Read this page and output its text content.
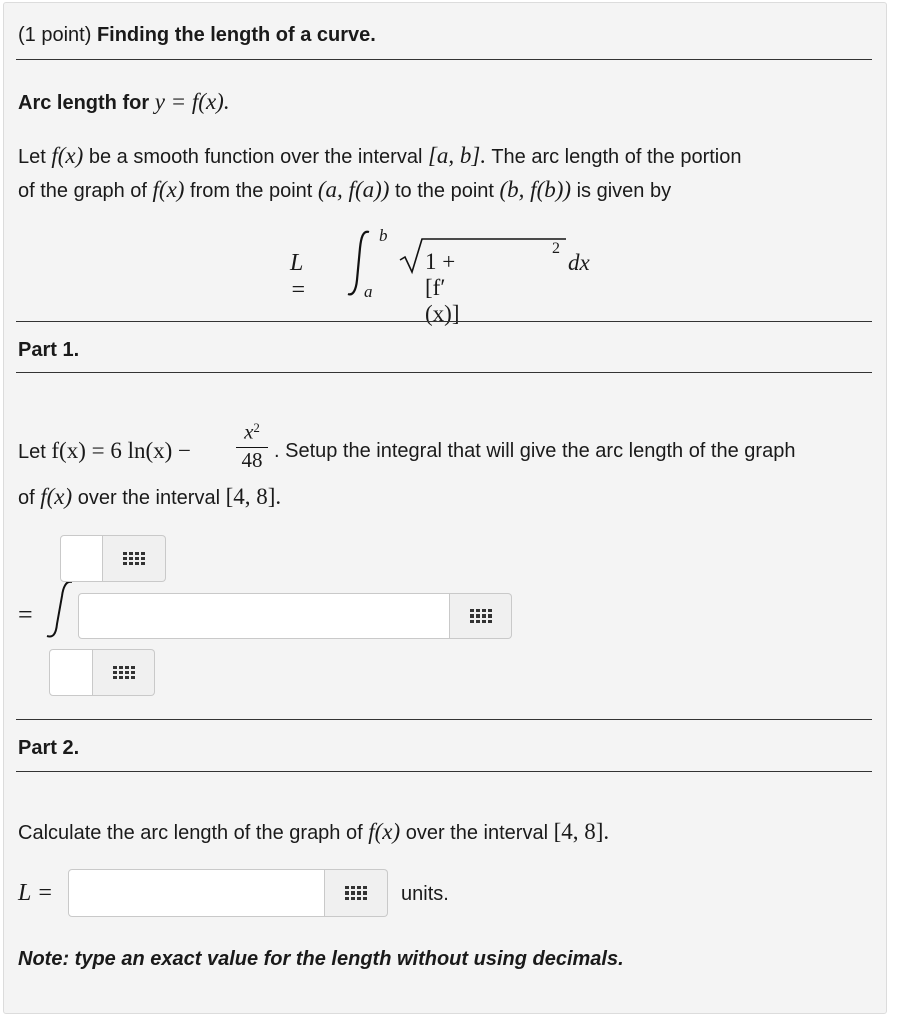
(1 point) Finding the length of a curve.
Arc length for y = f(x).
Let f(x) be a smooth function over the interval [a, b]. The arc length of the portion
of the graph of f(x) from the point (a, f(a)) to the point (b, f(b)) is given by
L =
b
a
1 + [f′(x)]
2
dx
Part 1.
Let f(x) = 6 ln(x) −
$x^2$
48 . Setup the integral that will give the arc length of the graph
of f(x) over the interval [4, 8].
=
Part 2.
Calculate the arc length of the graph of f(x) over the interval [4, 8].
L =	units.
Note: type an exact value for the length without using decimals.
